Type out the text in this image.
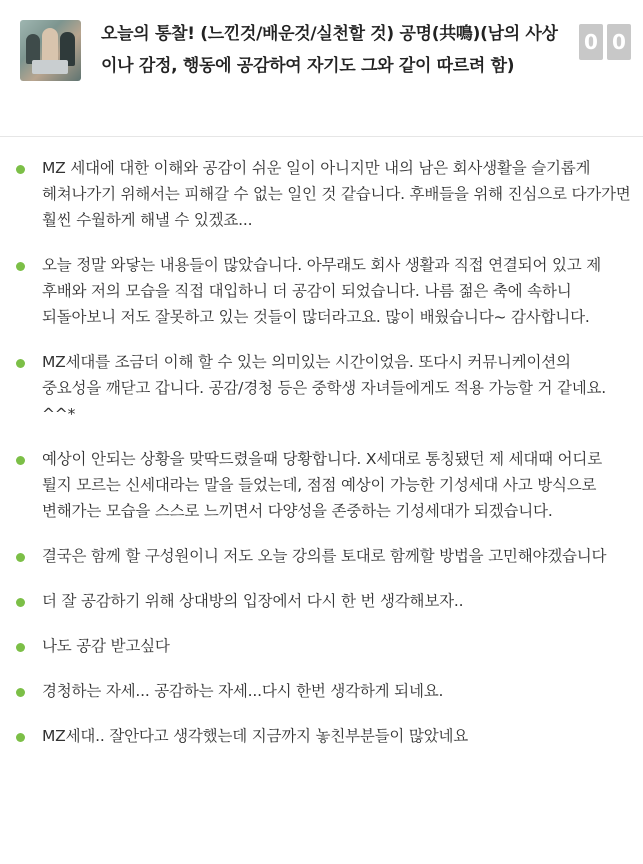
오늘의 통찰! (느낀것/배운것/실천할 것) 공명(共鳴)(남의 사상이나 감정, 행동에 공감하여 자기도 그와 같이 따르려 함)
0 0
MZ 세대에 대한 이해와 공감이 쉬운 일이 아니지만 내의 남은 회사생활을 슬기롭게 헤쳐나가기 위해서는 피해갈 수 없는 일인 것 같습니다. 후배들을 위해 진심으로 다가가면 훨씬 수월하게 해낼 수 있겠죠...
오늘 정말 와닿는 내용들이 많았습니다. 아무래도 회사 생활과 직접 연결되어 있고 제 후배와 저의 모습을 직접 대입하니 더 공감이 되었습니다. 나름 젊은 축에 속하니 되돌아보니 저도 잘못하고 있는 것들이 많더라고요. 많이 배웠습니다~ 감사합니다.
MZ세대를 조금더 이해 할 수 있는 의미있는 시간이었음. 또다시 커뮤니케이션의 중요성을 깨닫고 갑니다. 공감/경청 등은 중학생 자녀들에게도 적용 가능할 거 같네요. ^^*
예상이 안되는 상황을 맞딱드렸을때 당황합니다. X세대로 통칭됐던 제 세대때 어디로 튈지 모르는 신세대라는 말을 들었는데, 점점 예상이 가능한 기성세대 사고 방식으로 변해가는 모습을 스스로 느끼면서 다양성을 존중하는 기성세대가 되겠습니다.
결국은 함께 할 구성원이니 저도 오늘 강의를 토대로 함께할 방법을 고민해야겠습니다
더 잘 공감하기 위해 상대방의 입장에서 다시 한 번 생각해보자..
나도 공감 받고싶다
경청하는 자세... 공감하는 자세...다시 한번 생각하게 되네요.
MZ세대.. 잘안다고 생각했는데 지금까지 놓친부분들이 많았네요
